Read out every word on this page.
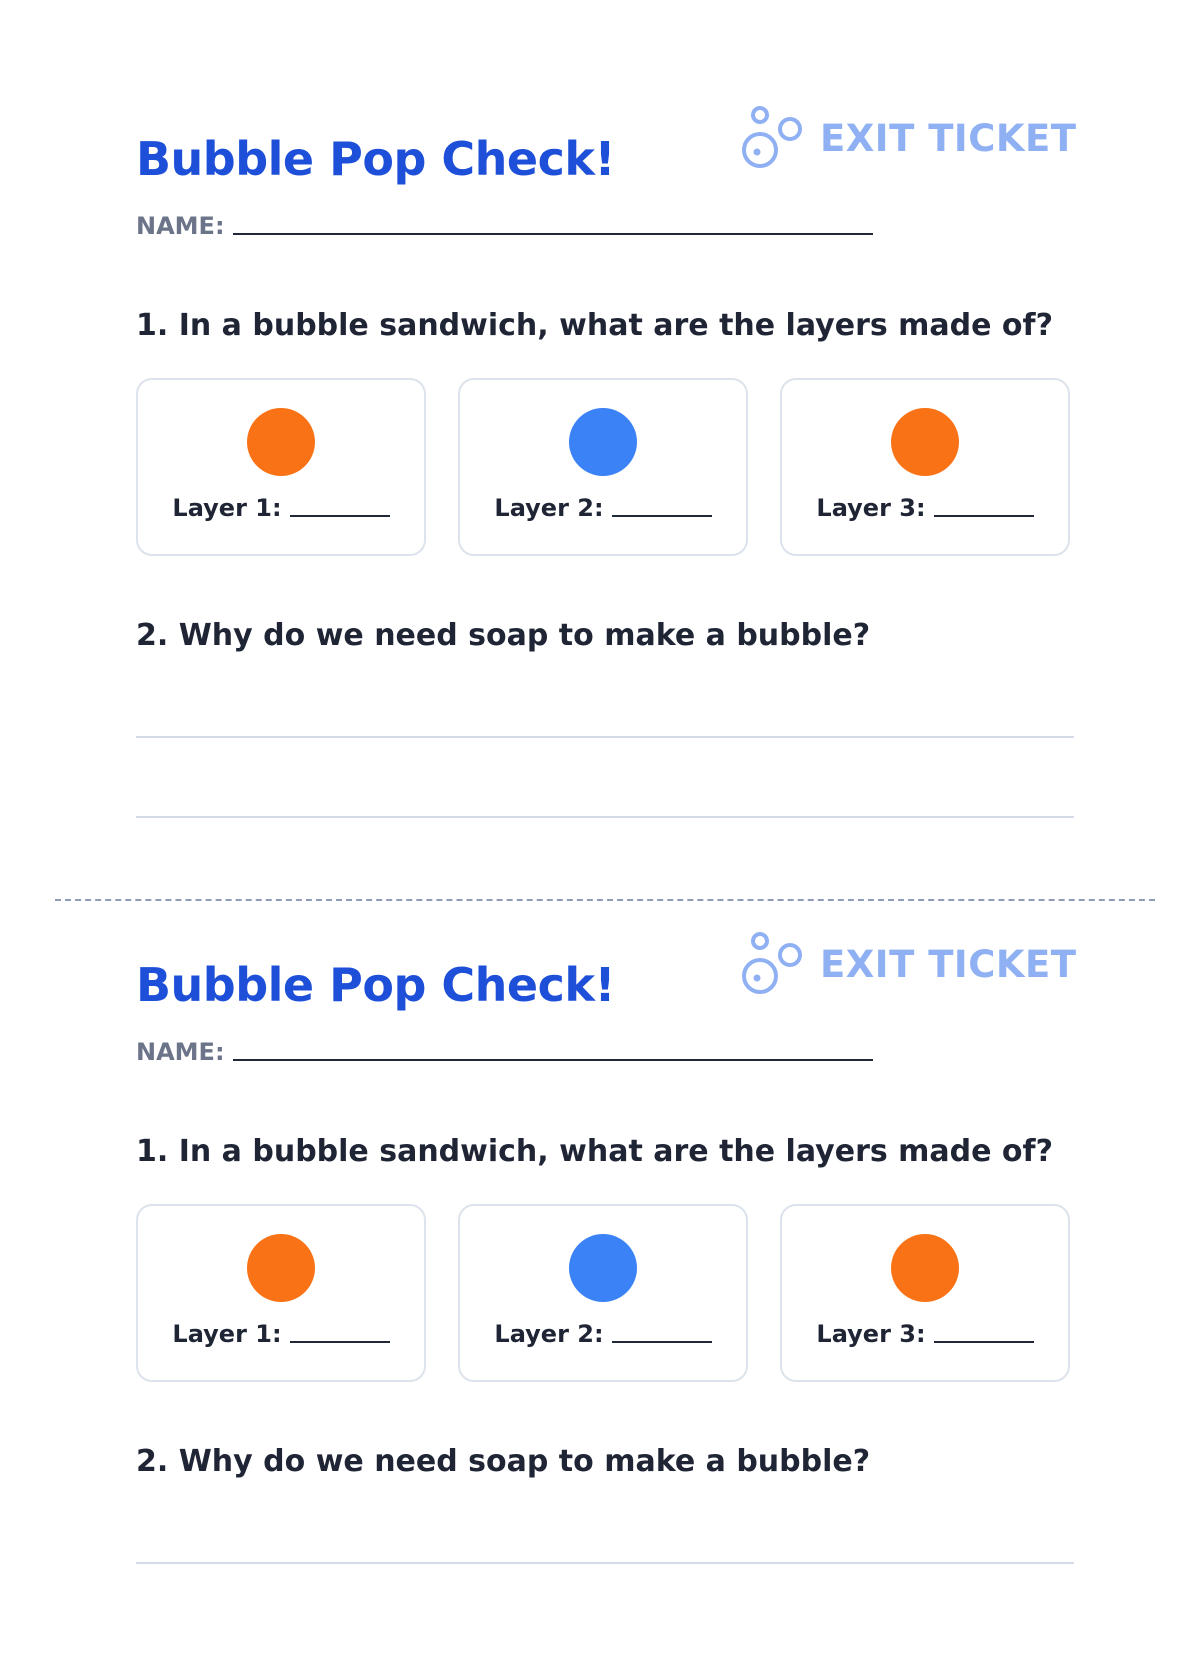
Bubble Pop Check!	EXIT TICKET
NAME:

1. In a bubble sandwich, what are the layers made of?

Layer 1:	Layer 2:	Layer 3:

2. Why do we need soap to make a bubble?

Bubble Pop Check!	EXIT TICKET
NAME:

1. In a bubble sandwich, what are the layers made of?

Layer 1:	Layer 2:	Layer 3:

2. Why do we need soap to make a bubble?
